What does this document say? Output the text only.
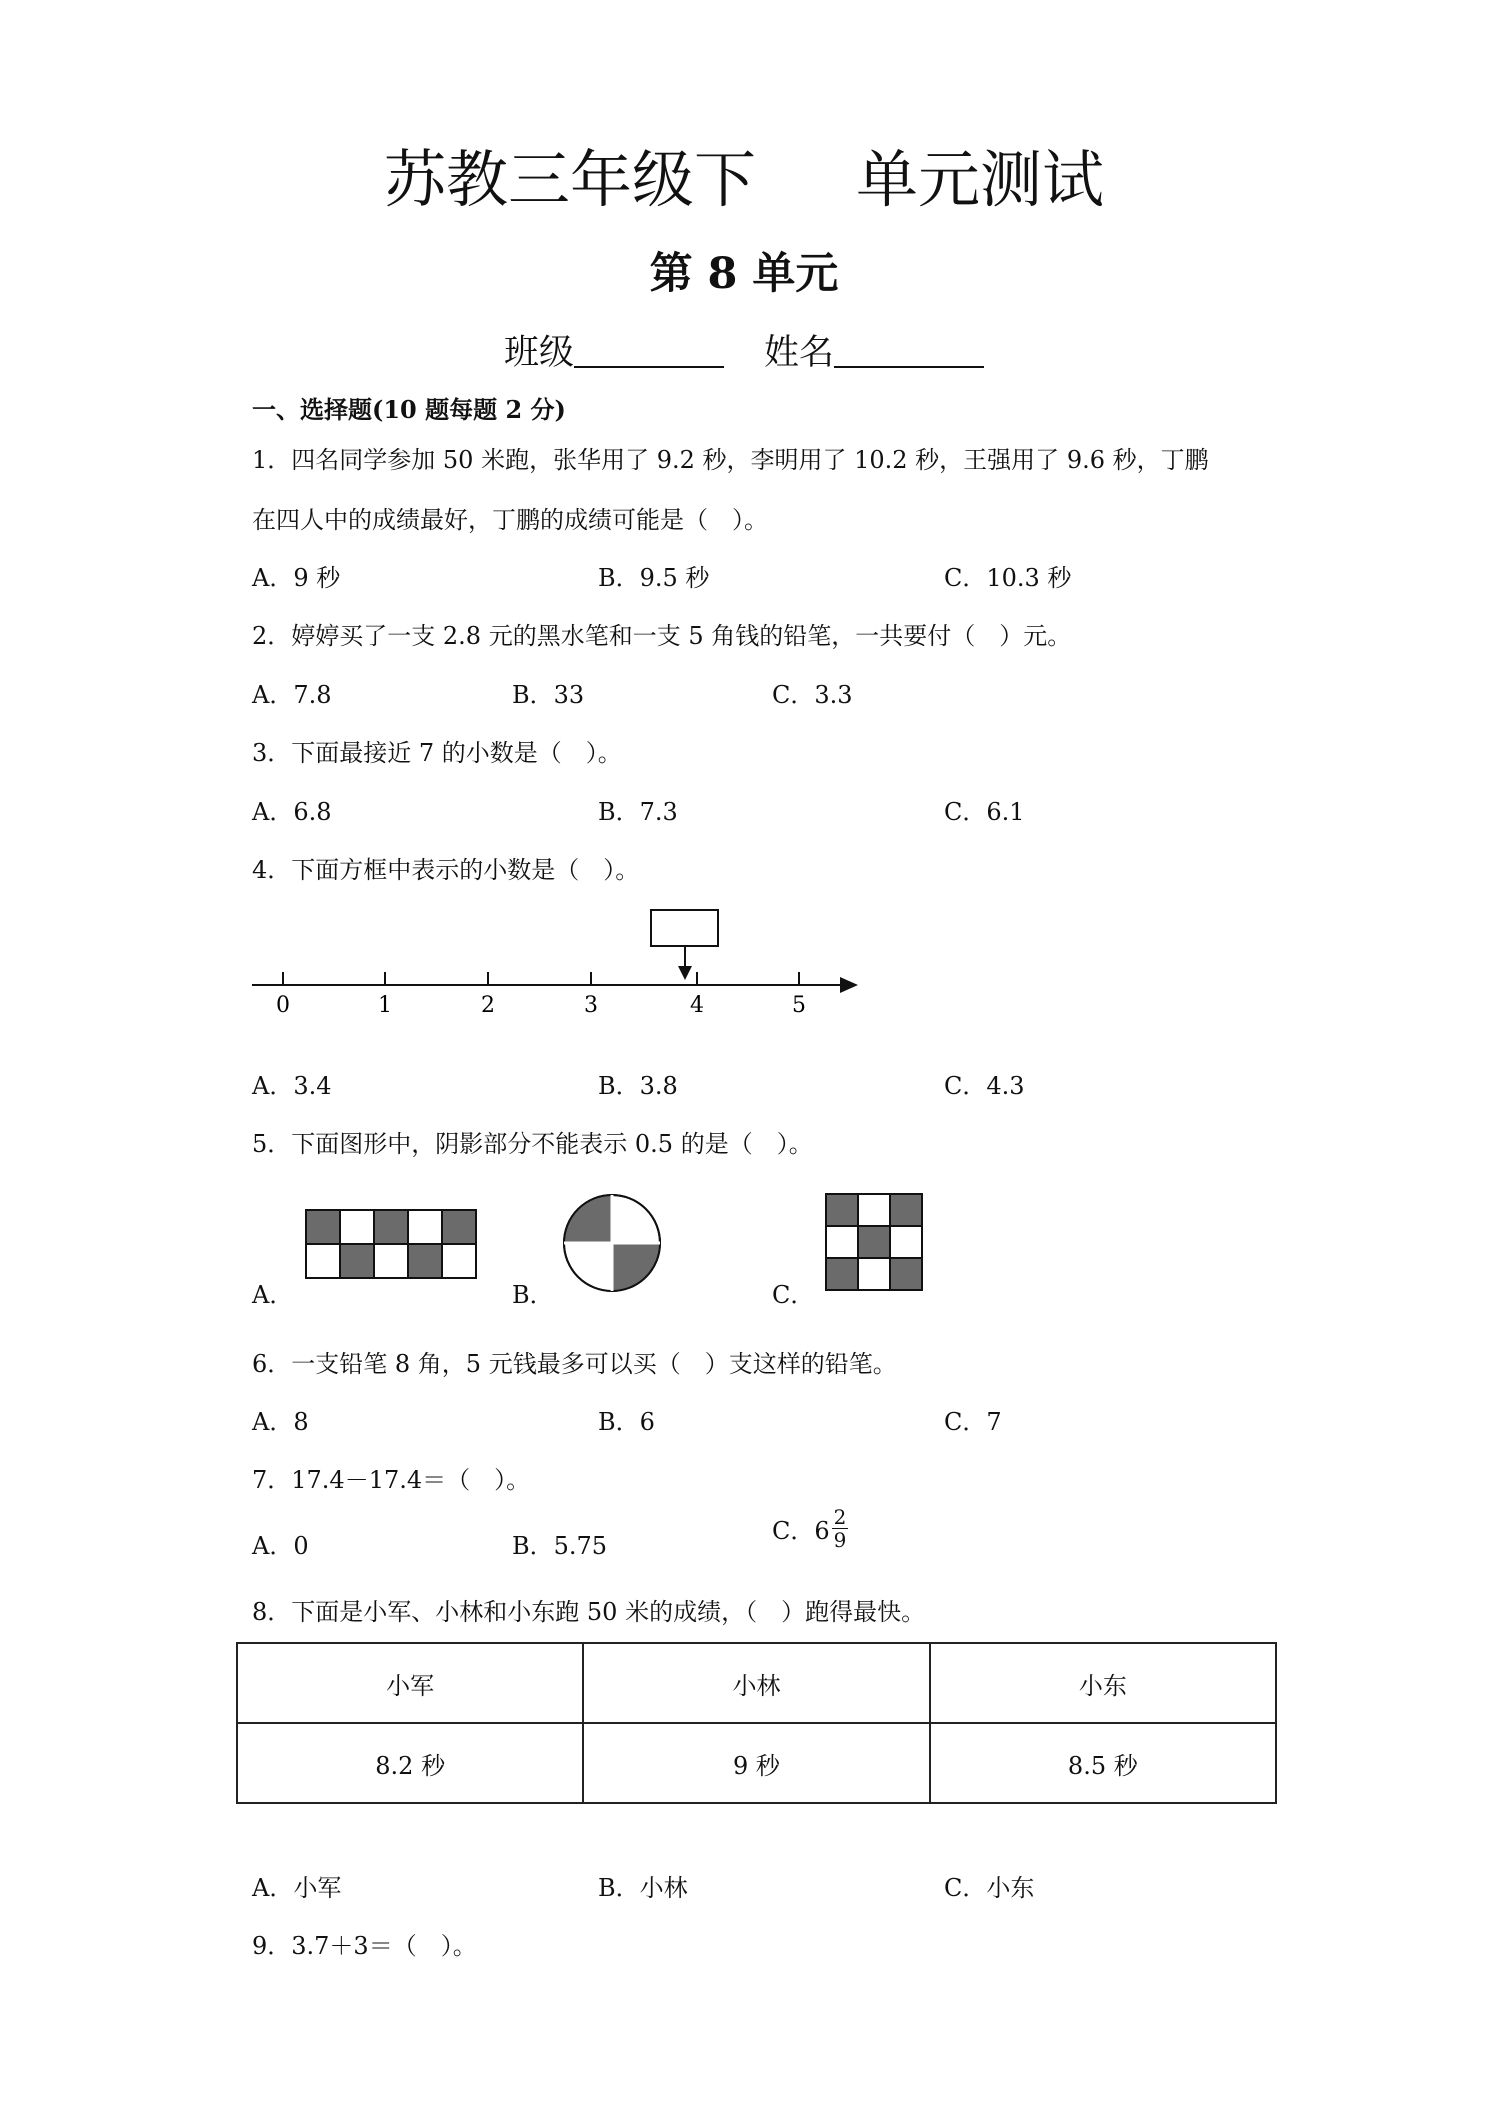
苏教三年级下 单元测试
第 8 单元
班级	姓名
一、选择题(10 题每题 2 分)
1．四名同学参加 50 米跑，张华用了 9.2 秒，李明用了 10.2 秒，王强用了 9.6 秒，丁鹏
在四人中的成绩最好，丁鹏的成绩可能是（　）。
A．9 秒	B．9.5 秒	C．10.3 秒
2．婷婷买了一支 2.8 元的黑水笔和一支 5 角钱的铅笔，一共要付（　）元。
A．7.8	B．33	C．3.3
3．下面最接近 7 的小数是（　）。
A．6.8	B．7.3	C．6.1
4．下面方框中表示的小数是（　）。
0	1	2	3	4	5
A．3.4	B．3.8	C．4.3
5．下面图形中，阴影部分不能表示 0.5 的是（　）。
A．	B．	C．
6．一支铅笔 8 角，5 元钱最多可以买（　）支这样的铅笔。
A．8	B．6	C．7
7．17.4－17.4＝（　）。
A．0	B．5.75
C．$6 \frac{2}{9}$
8．下面是小军、小林和小东跑 50 米的成绩，（　）跑得最快。
小军	小林	小东
8.2 秒	9 秒	8.5 秒
A．小军	B．小林	C．小东
9．3.7＋3＝（　）。
